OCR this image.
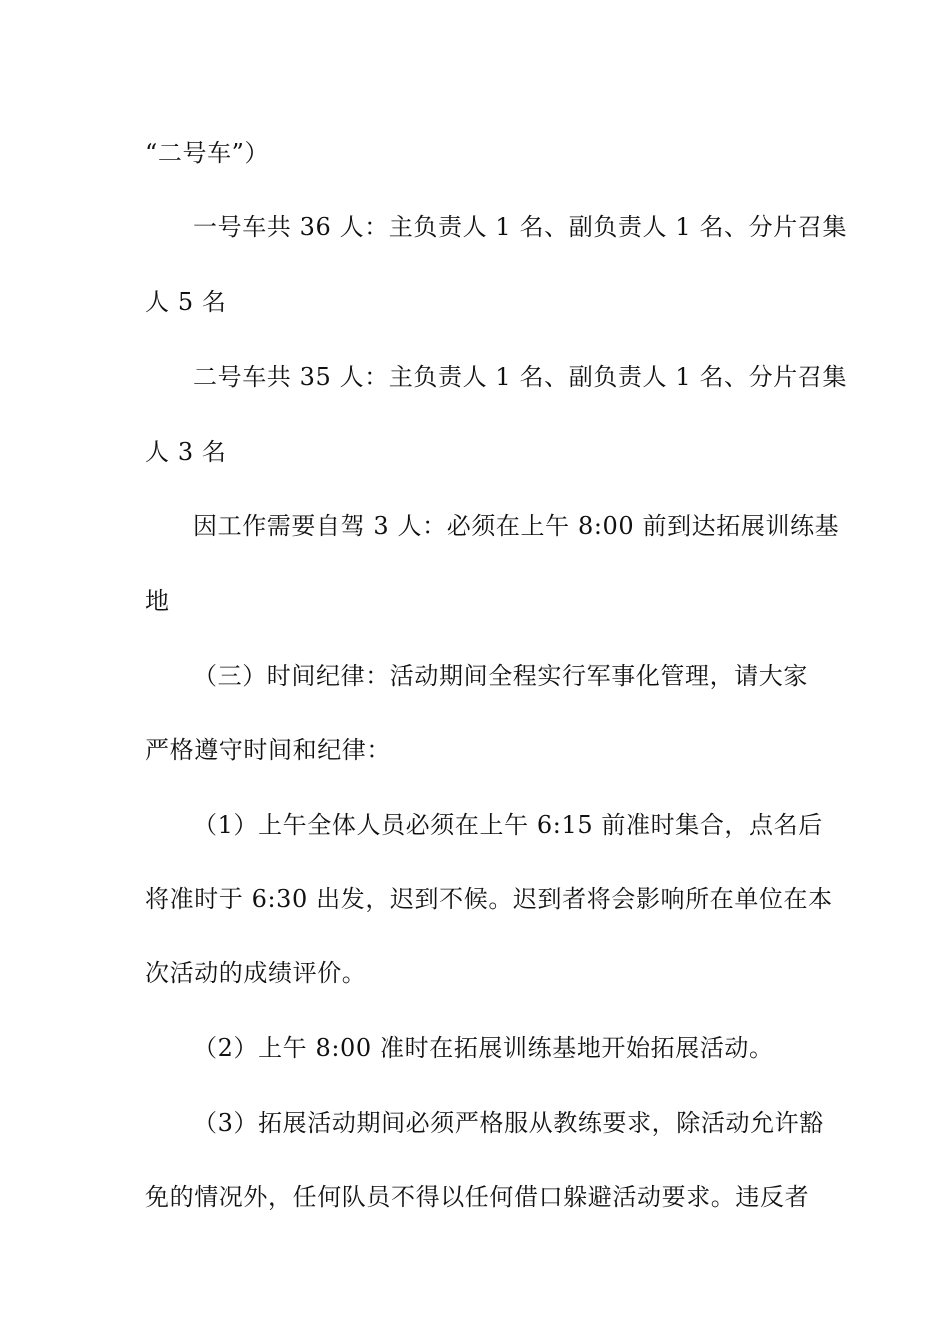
“二号车”）
一号车共 36 人：主负责人 1 名、副负责人 1 名、分片召集
人 5 名
二号车共 35 人：主负责人 1 名、副负责人 1 名、分片召集
人 3 名
因工作需要自驾 3 人：必须在上午 8:00 前到达拓展训练基
地
（三）时间纪律：活动期间全程实行军事化管理，请大家
严格遵守时间和纪律：
（1）上午全体人员必须在上午 6:15 前准时集合，点名后
将准时于 6:30 出发，迟到不候。迟到者将会影响所在单位在本
次活动的成绩评价。
（2）上午 8:00 准时在拓展训练基地开始拓展活动。
（3）拓展活动期间必须严格服从教练要求，除活动允许豁
免的情况外，任何队员不得以任何借口躲避活动要求。违反者
